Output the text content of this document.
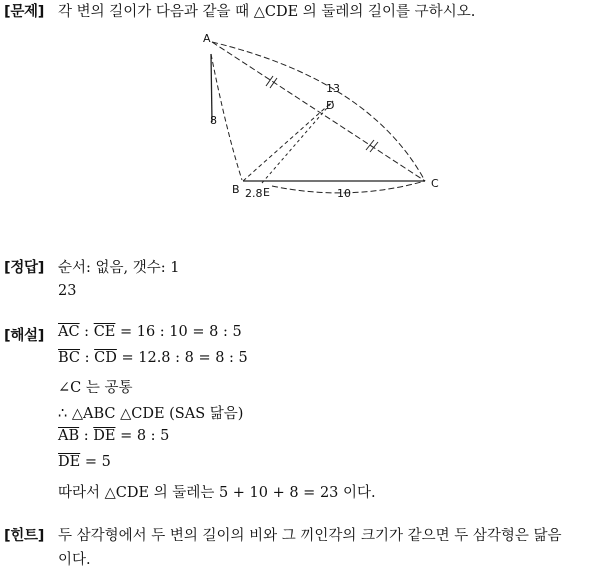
[문제] 각 변의 길이가 다음과 같을 때 △CDE 의 둘레의 길이를 구하시오.
A
B	C
D
E
13
8
2.8	10
[정답] 순서: 없음, 갯수: 1
23
[해설] $\overline{AC}$ : $\overline{CE} = 16$ : 10 = 8 : 5
$\overline{BC}$ : $\overline{CD} = 12.8$ : 8 = 8 : 5
∠C 는 공통
∴ △ABC △CDE (SAS 닮음)
$\overline{AB}$ : $\overline{DE} = 8$ : 5
$\overline{DE} = 5$
따라서 △CDE 의 둘레는 5 + 10 + 8 = 23 이다.
[힌트] 두 삼각형에서 두 변의 길이의 비와 그 끼인각의 크기가 같으면 두 삼각형은 닮음
이다.
